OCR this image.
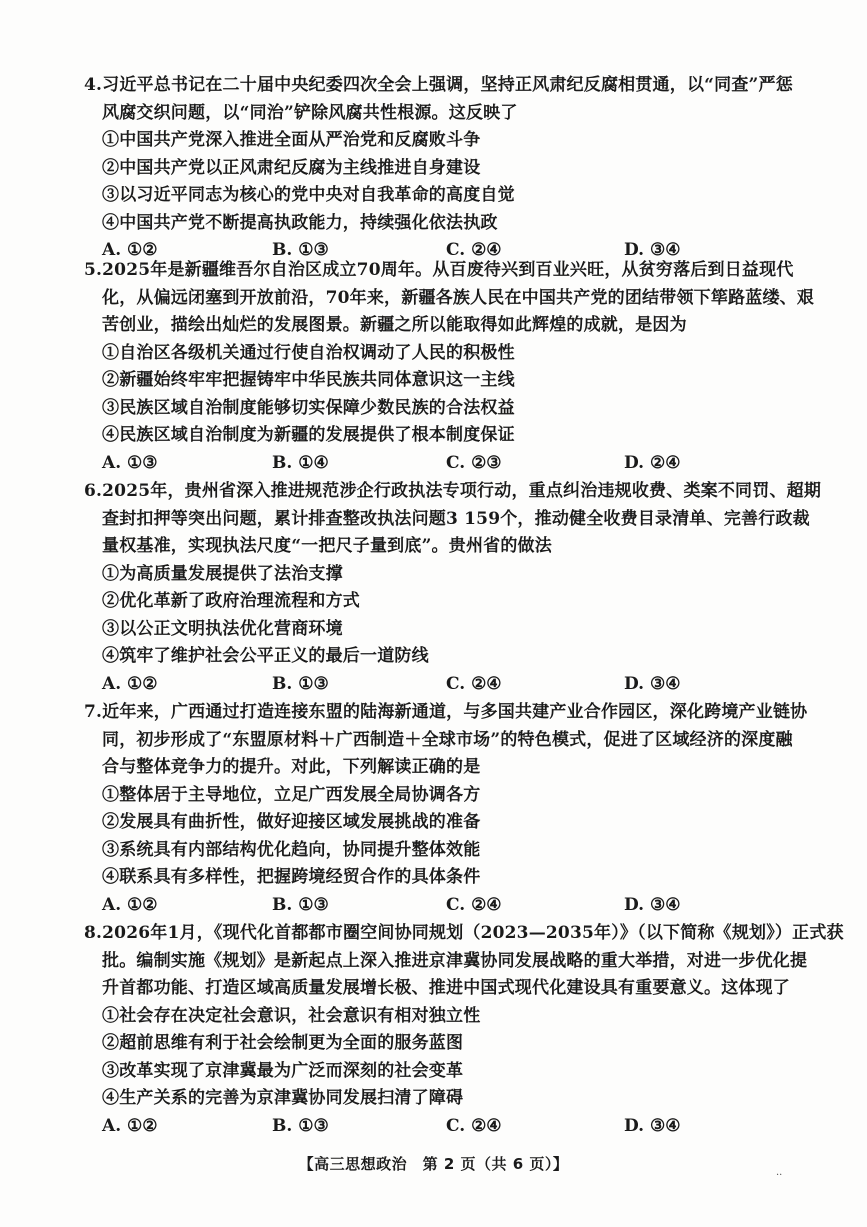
4.习近平总书记在二十届中央纪委四次全会上强调，坚持正风肃纪反腐相贯通，以“同查”严惩
风腐交织问题，以“同治”铲除风腐共性根源。这反映了
①中国共产党深入推进全面从严治党和反腐败斗争
②中国共产党以正风肃纪反腐为主线推进自身建设
③以习近平同志为核心的党中央对自我革命的高度自觉
④中国共产党不断提高执政能力，持续强化依法执政
A. ①②	B. ①③	C. ②④	D. ③④
5.2025年是新疆维吾尔自治区成立70周年。从百废待兴到百业兴旺，从贫穷落后到日益现代
化，从偏远闭塞到开放前沿，70年来，新疆各族人民在中国共产党的团结带领下筚路蓝缕、艰
苦创业，描绘出灿烂的发展图景。新疆之所以能取得如此辉煌的成就，是因为
①自治区各级机关通过行使自治权调动了人民的积极性
②新疆始终牢牢把握铸牢中华民族共同体意识这一主线
③民族区域自治制度能够切实保障少数民族的合法权益
④民族区域自治制度为新疆的发展提供了根本制度保证
A. ①③	B. ①④	C. ②③	D. ②④
6.2025年，贵州省深入推进规范涉企行政执法专项行动，重点纠治违规收费、类案不同罚、超期
查封扣押等突出问题，累计排查整改执法问题3 159个，推动健全收费目录清单、完善行政裁
量权基准，实现执法尺度“一把尺子量到底”。贵州省的做法
①为高质量发展提供了法治支撑
②优化革新了政府治理流程和方式
③以公正文明执法优化营商环境
④筑牢了维护社会公平正义的最后一道防线
A. ①②	B. ①③	C. ②④	D. ③④
7.近年来，广西通过打造连接东盟的陆海新通道，与多国共建产业合作园区，深化跨境产业链协
同，初步形成了“东盟原材料＋广西制造＋全球市场”的特色模式，促进了区域经济的深度融
合与整体竞争力的提升。对此，下列解读正确的是
①整体居于主导地位，立足广西发展全局协调各方
②发展具有曲折性，做好迎接区域发展挑战的准备
③系统具有内部结构优化趋向，协同提升整体效能
④联系具有多样性，把握跨境经贸合作的具体条件
A. ①②	B. ①③	C. ②④	D. ③④
8.2026年1月，《现代化首都都市圈空间协同规划（2023—2035年）》（以下简称《规划》）正式获
批。编制实施《规划》是新起点上深入推进京津冀协同发展战略的重大举措，对进一步优化提
升首都功能、打造区域高质量发展增长极、推进中国式现代化建设具有重要意义。这体现了
①社会存在决定社会意识，社会意识有相对独立性
②超前思维有利于社会绘制更为全面的服务蓝图
③改革实现了京津冀最为广泛而深刻的社会变革
④生产关系的完善为京津冀协同发展扫清了障碍
A. ①②	B. ①③	C. ②④	D. ③④
【高三思想政治　第 2 页（共 6 页）】
··
